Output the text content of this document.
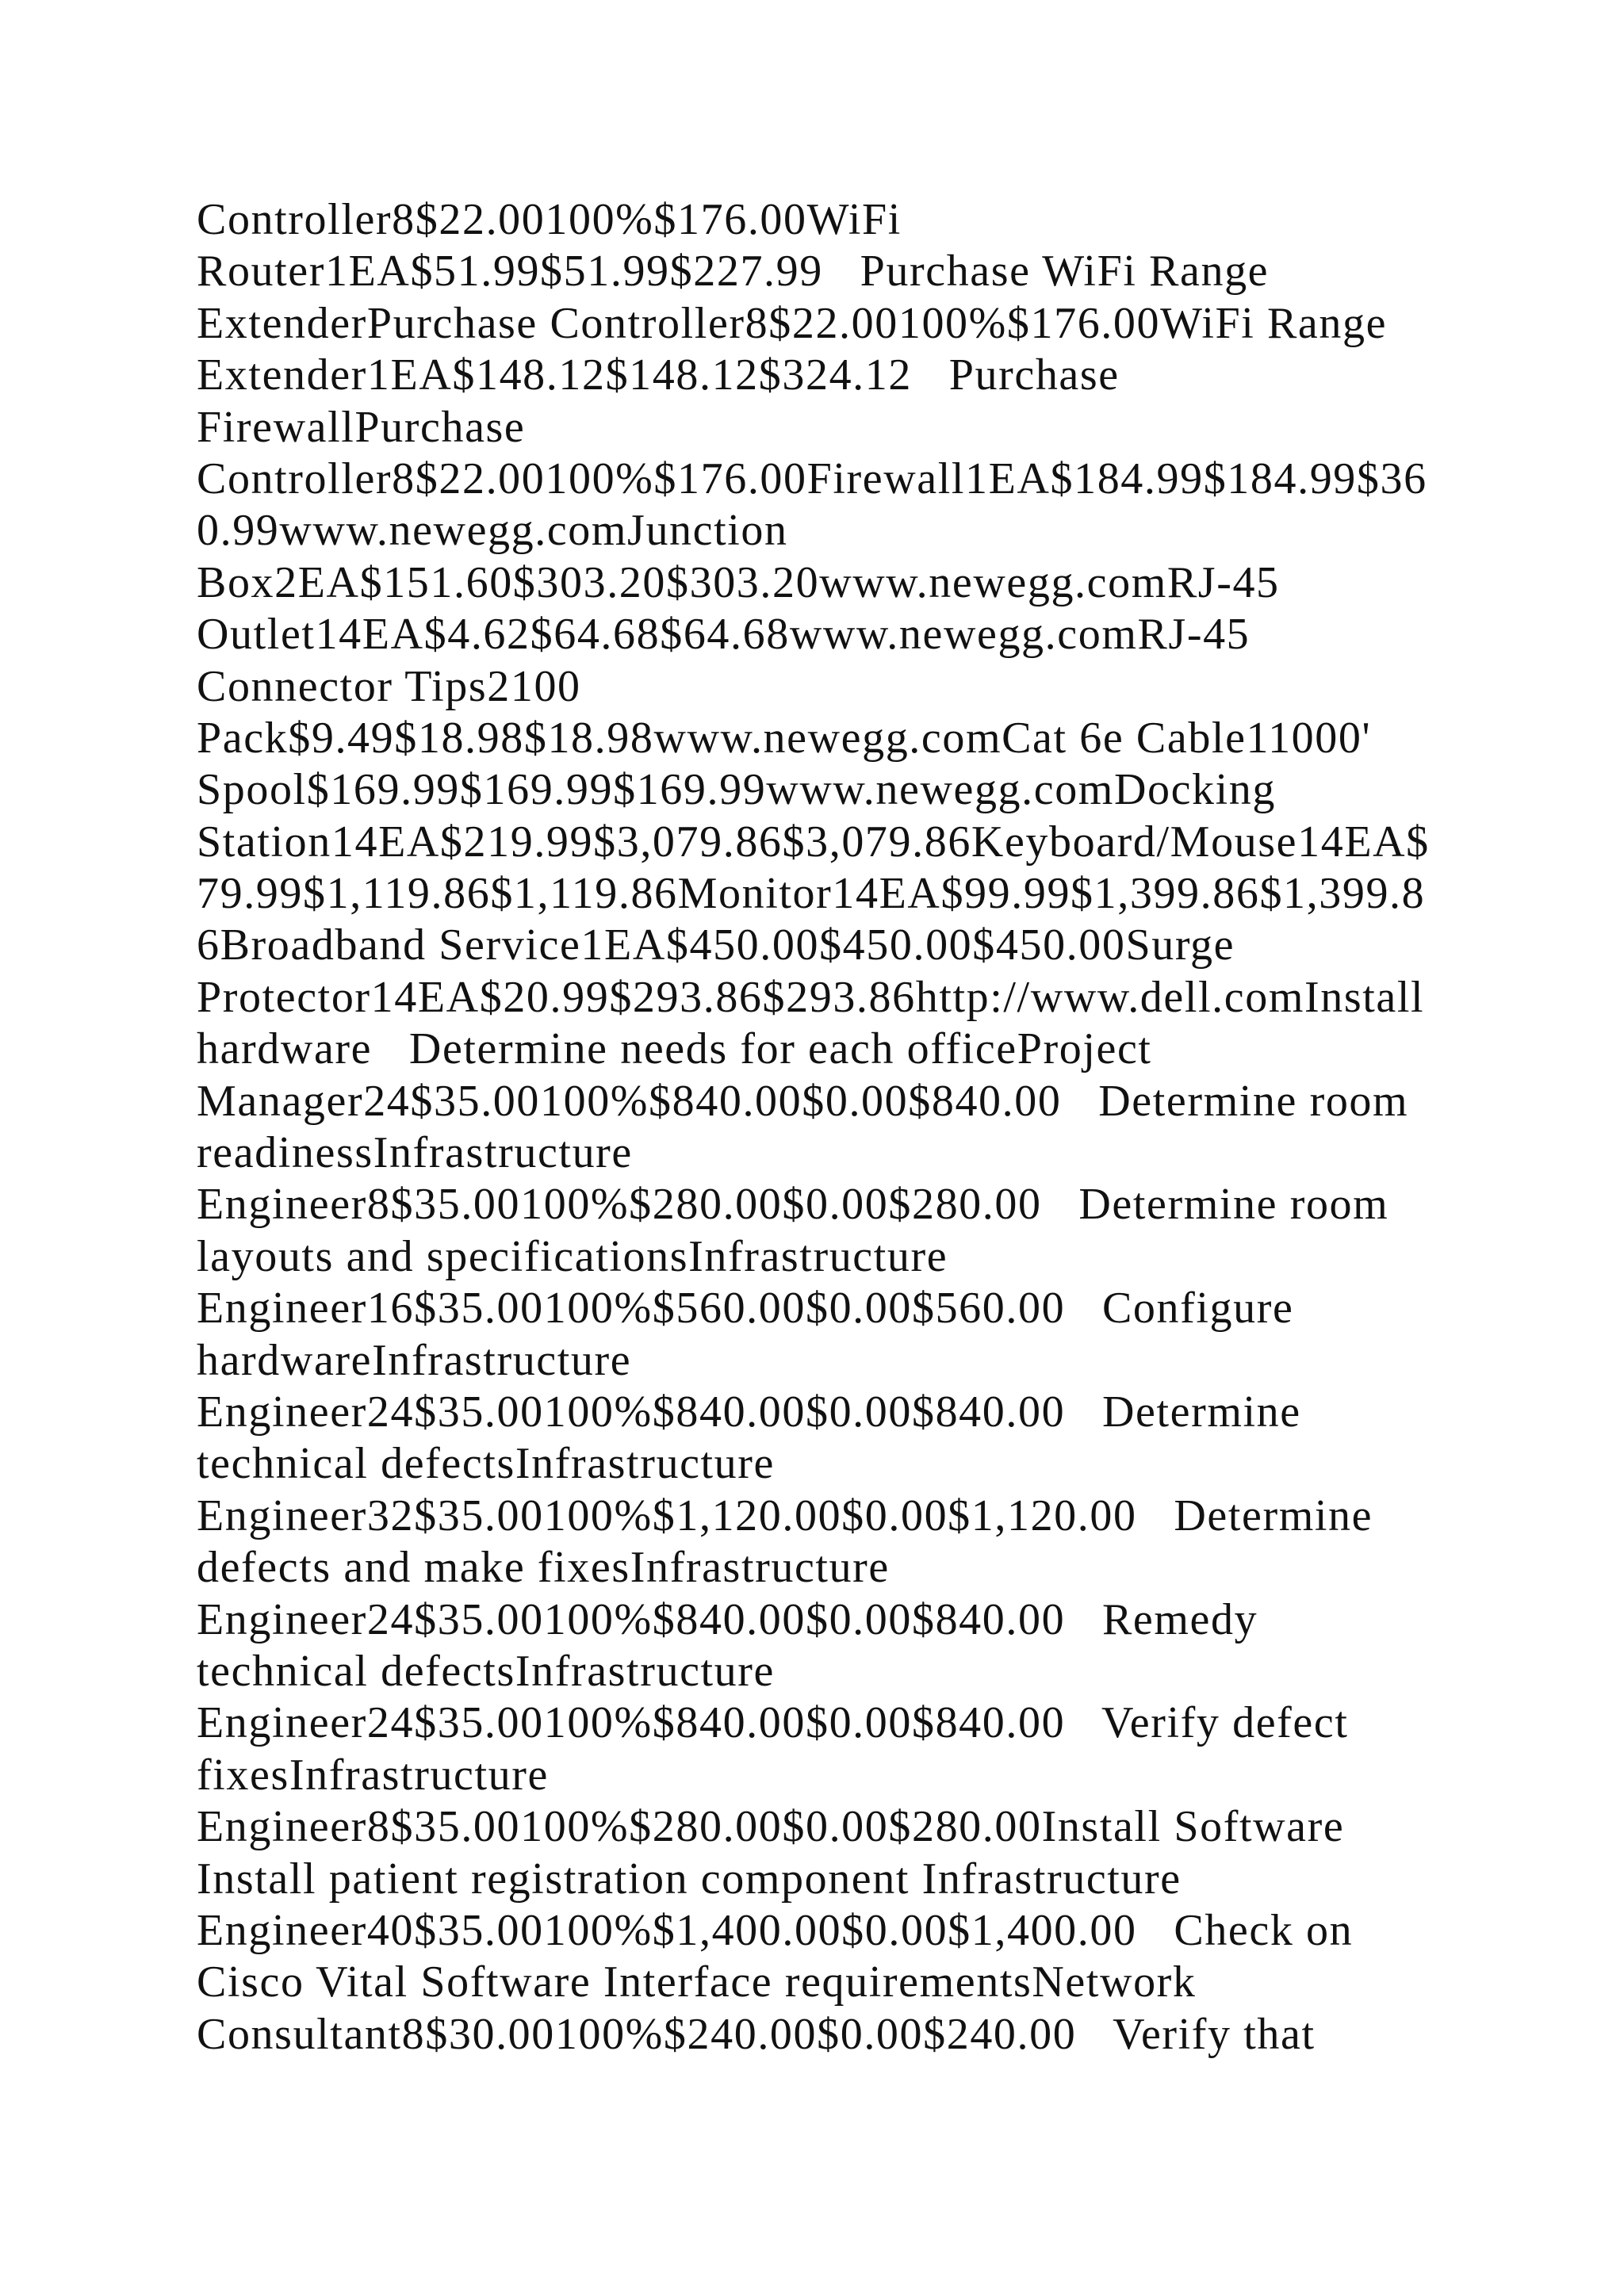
Controller8$22.00100%$176.00WiFi
Router1EA$51.99$51.99$227.99   Purchase WiFi Range
ExtenderPurchase Controller8$22.00100%$176.00WiFi Range
Extender1EA$148.12$148.12$324.12   Purchase
FirewallPurchase
Controller8$22.00100%$176.00Firewall1EA$184.99$184.99$36
0.99www.newegg.comJunction
Box2EA$151.60$303.20$303.20www.newegg.comRJ-45
Outlet14EA$4.62$64.68$64.68www.newegg.comRJ-45
Connector Tips2100
Pack$9.49$18.98$18.98www.newegg.comCat 6e Cable11000'
Spool$169.99$169.99$169.99www.newegg.comDocking
Station14EA$219.99$3,079.86$3,079.86Keyboard/Mouse14EA$
79.99$1,119.86$1,119.86Monitor14EA$99.99$1,399.86$1,399.8
6Broadband Service1EA$450.00$450.00$450.00Surge
Protector14EA$20.99$293.86$293.86http://www.dell.comInstall
hardware   Determine needs for each officeProject
Manager24$35.00100%$840.00$0.00$840.00   Determine room
readinessInfrastructure
Engineer8$35.00100%$280.00$0.00$280.00   Determine room
layouts and specificationsInfrastructure
Engineer16$35.00100%$560.00$0.00$560.00   Configure
hardwareInfrastructure
Engineer24$35.00100%$840.00$0.00$840.00   Determine
technical defectsInfrastructure
Engineer32$35.00100%$1,120.00$0.00$1,120.00   Determine
defects and make fixesInfrastructure
Engineer24$35.00100%$840.00$0.00$840.00   Remedy
technical defectsInfrastructure
Engineer24$35.00100%$840.00$0.00$840.00   Verify defect
fixesInfrastructure
Engineer8$35.00100%$280.00$0.00$280.00Install Software
Install patient registration component Infrastructure
Engineer40$35.00100%$1,400.00$0.00$1,400.00   Check on
Cisco Vital Software Interface requirementsNetwork
Consultant8$30.00100%$240.00$0.00$240.00   Verify that
